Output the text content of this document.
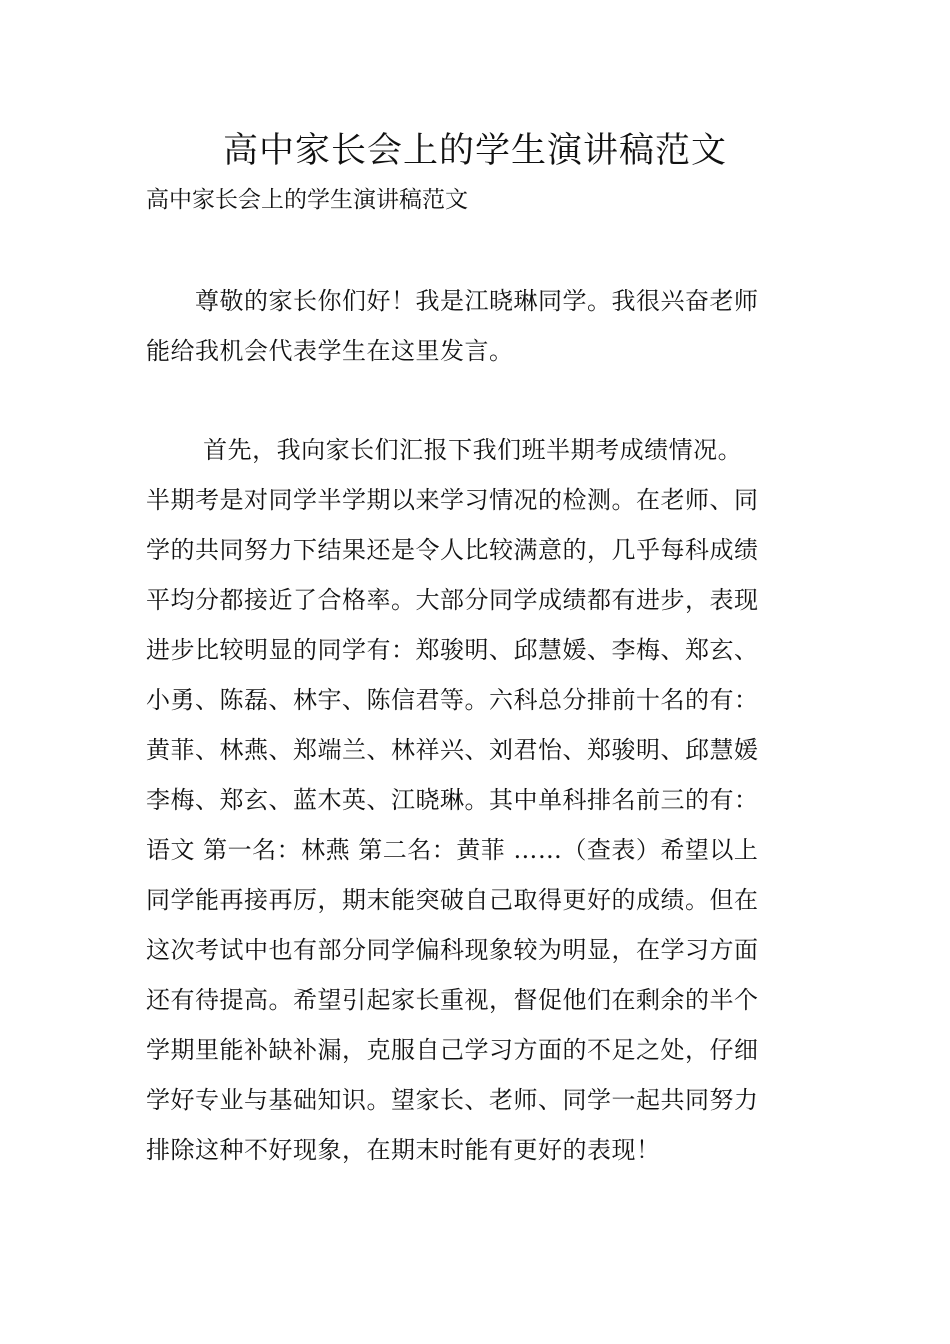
高中家长会上的学生演讲稿范文

高中家长会上的学生演讲稿范文

　　尊敬的家长你们好！我是江晓琳同学。我很兴奋老师
能给我机会代表学生在这里发言。

　　 首先，我向家长们汇报下我们班半期考成绩情况。
半期考是对同学半学期以来学习情况的检测。在老师、同
学的共同努力下结果还是令人比较满意的，几乎每科成绩
平均分都接近了合格率。大部分同学成绩都有进步，表现
进步比较明显的同学有：郑骏明、邱慧媛、李梅、郑玄、
小勇、陈磊、林宇、陈信君等。六科总分排前十名的有：
黄菲、林燕、郑端兰、林祥兴、刘君怡、郑骏明、邱慧媛
李梅、郑玄、蓝木英、江晓琳。其中单科排名前三的有：
语文 第一名：林燕 第二名：黄菲 ……（查表）希望以上
同学能再接再厉，期末能突破自己取得更好的成绩。但在
这次考试中也有部分同学偏科现象较为明显，在学习方面
还有待提高。希望引起家长重视，督促他们在剩余的半个
学期里能补缺补漏，克服自己学习方面的不足之处，仔细
学好专业与基础知识。望家长、老师、同学一起共同努力
排除这种不好现象，在期末时能有更好的表现！
